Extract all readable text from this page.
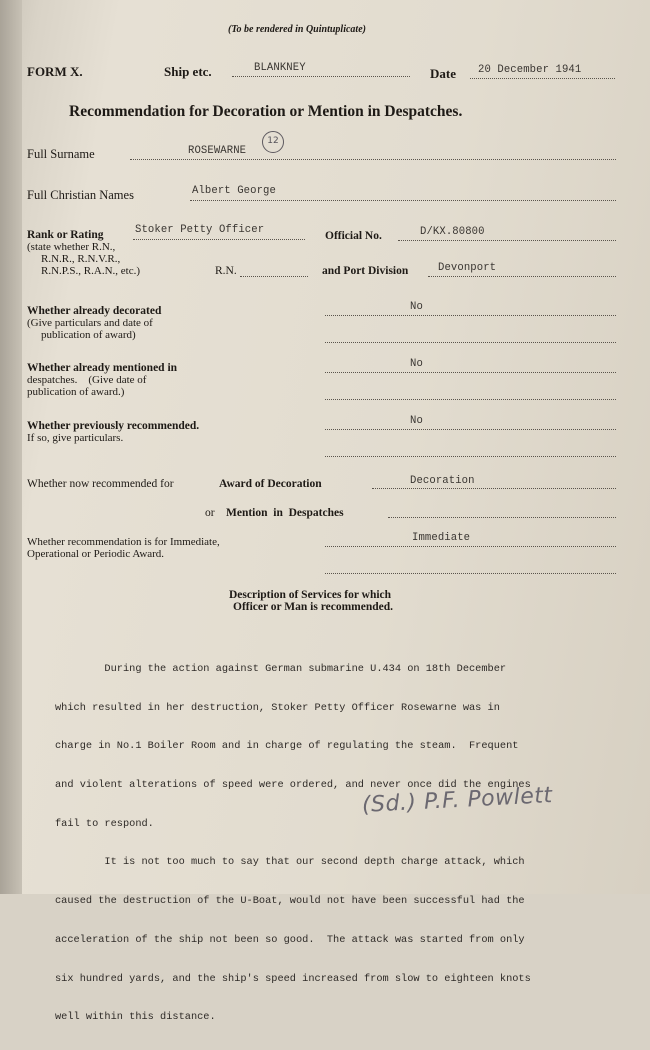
(To be rendered in Quintuplicate)
FORM X.	Ship etc.	BLANKNEY	Date 20 December 1941
Recommendation for Decoration or Mention in Despatches.
Full Surname	ROSEWARNE
12
Full Christian Names	Albert George
Rank or Rating
(state whether R.N.,
R.N.R., R.N.V.R.,
R.N.P.S., R.A.N., etc.)
Stoker Petty Officer
R.N.
Official No.	D/KX.80800
and Port Division	Devonport
Whether already decorated
(Give particulars and date of
publication of award)
No
Whether already mentioned in
despatches.    (Give date of
publication of award.)
No
Whether previously recommended.
If so, give particulars.
No
Whether now recommended for	Award of Decoration	Decoration
or Mention  in  Despatches
Whether recommendation is for Immediate,
Operational or Periodic Award.
Immediate
Description of Services for which
Officer or Man is recommended.

During the action against German submarine U.434 on 18th December

which resulted in her destruction, Stoker Petty Officer Rosewarne was in

charge in No.1 Boiler Room and in charge of regulating the steam.  Frequent

and violent alterations of speed were ordered, and never once did the engines

fail to respond.

It is not too much to say that our second depth charge attack, which

caused the destruction of the U-Boat, would not have been successful had the

acceleration of the ship not been so good.  The attack was started from only

six hundred yards, and the ship's speed increased from slow to eighteen knots

well within this distance.

(Sd.) P.F. Powlett
